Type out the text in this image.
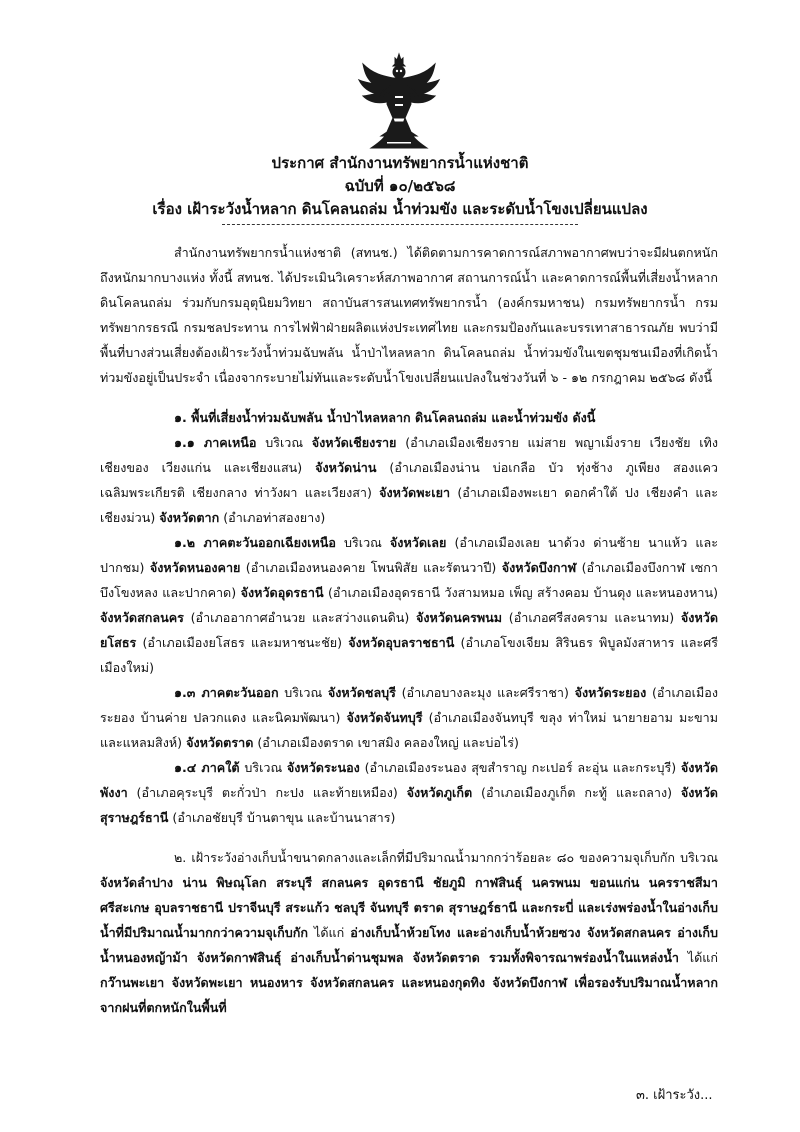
ประกาศ สำนักงานทรัพยากรน้ำแห่งชาติ
ฉบับที่ ๑๐/๒๕๖๘
เรื่อง เฝ้าระวังน้ำหลาก ดินโคลนถล่ม น้ำท่วมขัง และระดับน้ำโขงเปลี่ยนแปลง

สำนักงานทรัพยากรน้ำแห่งชาติ (สทนช.) ได้ติดตามการคาดการณ์สภาพอากาศพบว่าจะมีฝนตกหนักถึงหนักมากบางแห่ง ทั้งนี้ สทนช. ได้ประเมินวิเคราะห์สภาพอากาศ สถานการณ์น้ำ และคาดการณ์พื้นที่เสี่ยงน้ำหลาก ดินโคลนถล่ม ร่วมกับกรมอุตุนิยมวิทยา สถาบันสารสนเทศทรัพยากรน้ำ (องค์กรมหาชน) กรมทรัพยากรน้ำ กรมทรัพยากรธรณี กรมชลประทาน การไฟฟ้าฝ่ายผลิตแห่งประเทศไทย และกรมป้องกันและบรรเทาสาธารณภัย พบว่ามีพื้นที่บางส่วนเสี่ยงต้องเฝ้าระวังน้ำท่วมฉับพลัน น้ำป่าไหลหลาก ดินโคลนถล่ม น้ำท่วมขังในเขตชุมชนเมืองที่เกิดน้ำท่วมขังอยู่เป็นประจำ เนื่องจากระบายไม่ทันและระดับน้ำโขงเปลี่ยนแปลงในช่วงวันที่ ๖ - ๑๒ กรกฎาคม ๒๕๖๘ ดังนี้

๑. พื้นที่เสี่ยงน้ำท่วมฉับพลัน น้ำป่าไหลหลาก ดินโคลนถล่ม และน้ำท่วมขัง ดังนี้

๑.๑ ภาคเหนือ บริเวณ จังหวัดเชียงราย (อำเภอเมืองเชียงราย แม่สาย พญาเม็งราย เวียงชัย เทิง เชียงของ เวียงแก่น และเชียงแสน) จังหวัดน่าน (อำเภอเมืองน่าน บ่อเกลือ บัว ทุ่งช้าง ภูเพียง สองแคว เฉลิมพระเกียรติ เชียงกลาง ท่าวังผา และเวียงสา) จังหวัดพะเยา (อำเภอเมืองพะเยา ดอกคำใต้ ปง เชียงคำ และเชียงม่วน) จังหวัดตาก (อำเภอท่าสองยาง)

๑.๒ ภาคตะวันออกเฉียงเหนือ บริเวณ จังหวัดเลย (อำเภอเมืองเลย นาด้วง ด่านซ้าย นาแห้ว และปากชม) จังหวัดหนองคาย (อำเภอเมืองหนองคาย โพนพิสัย และรัตนวาปี) จังหวัดบึงกาฬ (อำเภอเมืองบึงกาฬ เซกา บึงโขงหลง และปากคาด) จังหวัดอุดรธานี (อำเภอเมืองอุดรธานี วังสามหมอ เพ็ญ สร้างคอม บ้านดุง และหนองหาน) จังหวัดสกลนคร (อำเภออากาศอำนวย และสว่างแดนดิน) จังหวัดนครพนม (อำเภอศรีสงคราม และนาทม) จังหวัดยโสธร (อำเภอเมืองยโสธร และมหาชนะชัย) จังหวัดอุบลราชธานี (อำเภอโขงเจียม สิรินธร พิบูลมังสาหาร และศรีเมืองใหม่)

๑.๓ ภาคตะวันออก บริเวณ จังหวัดชลบุรี (อำเภอบางละมุง และศรีราชา) จังหวัดระยอง (อำเภอเมืองระยอง บ้านค่าย ปลวกแดง และนิคมพัฒนา) จังหวัดจันทบุรี (อำเภอเมืองจันทบุรี ขลุง ท่าใหม่ นายายอาม มะขาม และแหลมสิงห์) จังหวัดตราด (อำเภอเมืองตราด เขาสมิง คลองใหญ่ และบ่อไร่)

๑.๔ ภาคใต้ บริเวณ จังหวัดระนอง (อำเภอเมืองระนอง สุขสำราญ กะเปอร์ ละอุ่น และกระบุรี) จังหวัดพังงา (อำเภอคุระบุรี ตะกั่วป่า กะปง และท้ายเหมือง) จังหวัดภูเก็ต (อำเภอเมืองภูเก็ต กะทู้ และถลาง) จังหวัดสุราษฎร์ธานี (อำเภอชัยบุรี บ้านตาขุน และบ้านนาสาร)

๒. เฝ้าระวังอ่างเก็บน้ำขนาดกลางและเล็กที่มีปริมาณน้ำมากกว่าร้อยละ ๘๐ ของความจุเก็บกัก บริเวณ จังหวัดลำปาง น่าน พิษณุโลก สระบุรี สกลนคร อุดรธานี ชัยภูมิ กาฬสินธุ์ นครพนม ขอนแก่น นครราชสีมา ศรีสะเกษ อุบลราชธานี ปราจีนบุรี สระแก้ว ชลบุรี จันทบุรี ตราด สุราษฎร์ธานี และกระบี่ และเร่งพร่องน้ำในอ่างเก็บน้ำที่มีปริมาณน้ำมากกว่าความจุเก็บกัก ได้แก่ อ่างเก็บน้ำห้วยโทง และอ่างเก็บน้ำห้วยซวง จังหวัดสกลนคร อ่างเก็บน้ำหนองหญ้าม้า จังหวัดกาฬสินธุ์ อ่างเก็บน้ำด่านชุมพล จังหวัดตราด รวมทั้งพิจารณาพร่องน้ำในแหล่งน้ำ ได้แก่ กว๊านพะเยา จังหวัดพะเยา หนองหาร จังหวัดสกลนคร และหนองกุดทิง จังหวัดบึงกาฬ เพื่อรองรับปริมาณน้ำหลากจากฝนที่ตกหนักในพื้นที่

๓. เฝ้าระวัง...
